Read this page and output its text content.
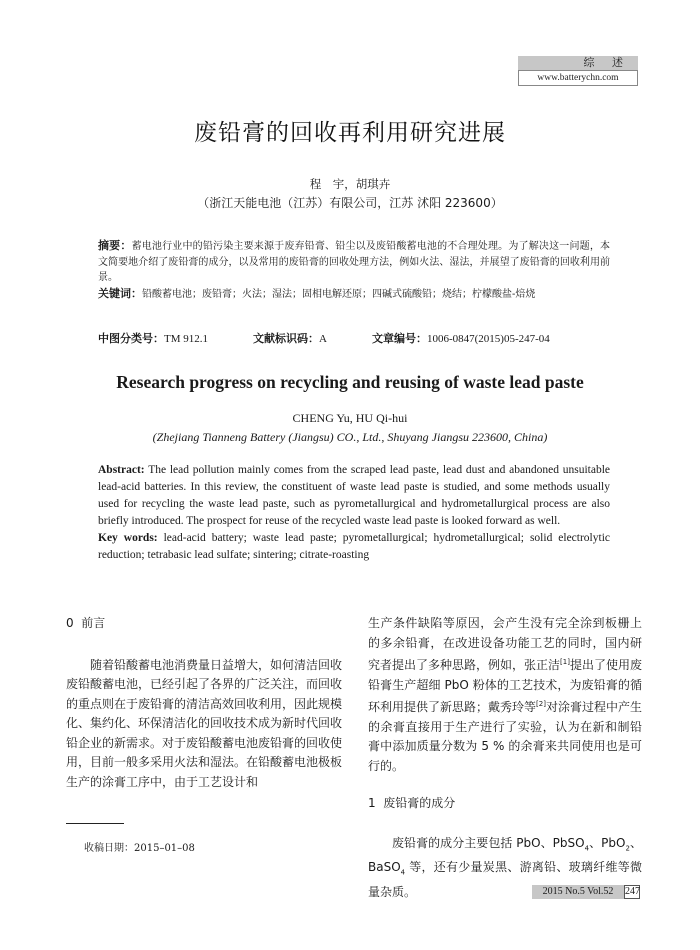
综 述
www.batterychn.com
废铅膏的回收再利用研究进展
程　宇，胡琪卉
（浙江天能电池（江苏）有限公司，江苏 沭阳 223600）
摘要：蓄电池行业中的铅污染主要来源于废弃铅膏、铅尘以及废铅酸蓄电池的不合理处理。为了解决这一问题，本文简要地介绍了废铅膏的成分，以及常用的废铅膏的回收处理方法，例如火法、湿法，并展望了废铅膏的回收利用前景。
关键词：铅酸蓄电池；废铅膏；火法；湿法；固相电解还原；四碱式硫酸铅；烧结；柠檬酸盐-焙烧
中图分类号：TM 912.1	文献标识码：A	文章编号：1006-0847(2015)05-247-04
Research progress on recycling and reusing of waste lead paste
CHENG Yu, HU Qi-hui
(Zhejiang Tianneng Battery (Jiangsu) CO., Ltd., Shuyang Jiangsu 223600, China)
Abstract: The lead pollution mainly comes from the scraped lead paste, lead dust and abandoned unsuitable lead-acid batteries. In this review, the constituent of waste lead paste is studied, and some methods usually used for recycling the waste lead paste, such as pyrometallurgical and hydrometallurgical process are also briefly introduced. The prospect for reuse of the recycled waste lead paste is looked forward as well.
Key words: lead-acid battery; waste lead paste; pyrometallurgical; hydrometallurgical; solid electrolytic reduction; tetrabasic lead sulfate; sintering; citrate-roasting
0 前言

随着铅酸蓄电池消费量日益增大，如何清洁回收废铅酸蓄电池，已经引起了各界的广泛关注，而回收的重点则在于废铅膏的清洁高效回收利用，因此规模化、集约化、环保清洁化的回收技术成为新时代回收铅企业的新需求。对于废铅酸蓄电池废铅膏的回收使用，目前一般多采用火法和湿法。在铅酸蓄电池极板生产的涂膏工序中，由于工艺设计和

生产条件缺陷等原因，会产生没有完全涂到板栅上的多余铅膏，在改进设备功能工艺的同时，国内研究者提出了多种思路，例如，张正洁[1]提出了使用废铅膏生产超细 PbO 粉体的工艺技术，为废铅膏的循环利用提供了新思路；戴秀玲等[2]对涂膏过程中产生的余膏直接用于生产进行了实验，认为在新和制铅膏中添加质量分数为 5 % 的余膏来共同使用也是可行的。

1 废铅膏的成分

废铅膏的成分主要包括 PbO、PbSO$_4$、PbO$_2$、BaSO$_4$ 等，还有少量炭黑、游离铅、玻璃纤维等微量杂质。

收稿日期：2015–01–08
2015 No.5 Vol.52	247
